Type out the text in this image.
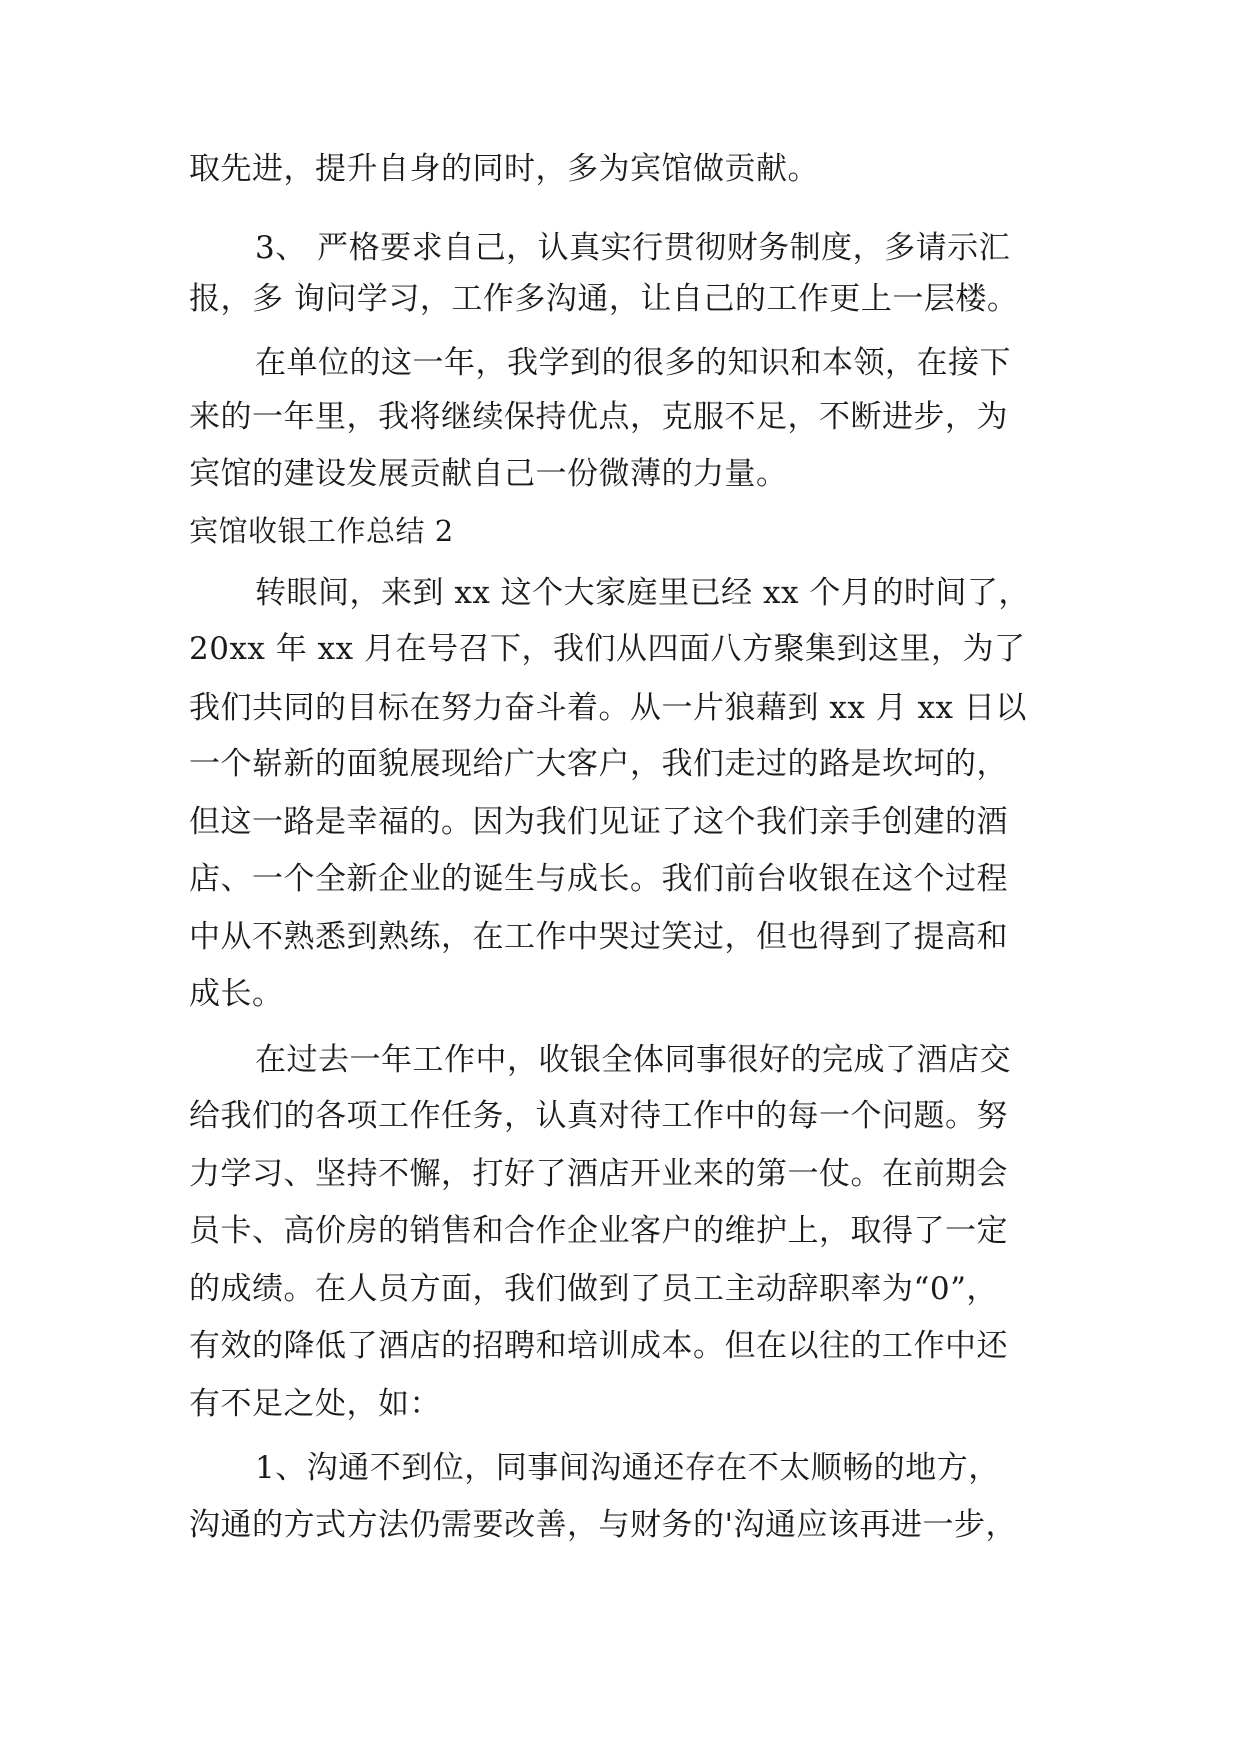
取先进，提升自身的同时，多为宾馆做贡献。
3、 严格要求自己，认真实行贯彻财务制度，多请示汇
报，多 询问学习，工作多沟通，让自己的工作更上一层楼。
在单位的这一年，我学到的很多的知识和本领，在接下
来的一年里，我将继续保持优点，克服不足，不断进步，为
宾馆的建设发展贡献自己一份微薄的力量。
宾馆收银工作总结 2
转眼间，来到 xx 这个大家庭里已经 xx 个月的时间了，
20xx 年 xx 月在号召下，我们从四面八方聚集到这里，为了
我们共同的目标在努力奋斗着。从一片狼藉到 xx 月 xx 日以
一个崭新的面貌展现给广大客户，我们走过的路是坎坷的，
但这一路是幸福的。因为我们见证了这个我们亲手创建的酒
店、一个全新企业的诞生与成长。我们前台收银在这个过程
中从不熟悉到熟练，在工作中哭过笑过，但也得到了提高和
成长。
在过去一年工作中，收银全体同事很好的完成了酒店交
给我们的各项工作任务，认真对待工作中的每一个问题。努
力学习、坚持不懈，打好了酒店开业来的第一仗。在前期会
员卡、高价房的销售和合作企业客户的维护上，取得了一定
的成绩。在人员方面，我们做到了员工主动辞职率为“0”，
有效的降低了酒店的招聘和培训成本。但在以往的工作中还
有不足之处，如：
1、沟通不到位，同事间沟通还存在不太顺畅的地方，
沟通的方式方法仍需要改善，与财务的'沟通应该再进一步，
